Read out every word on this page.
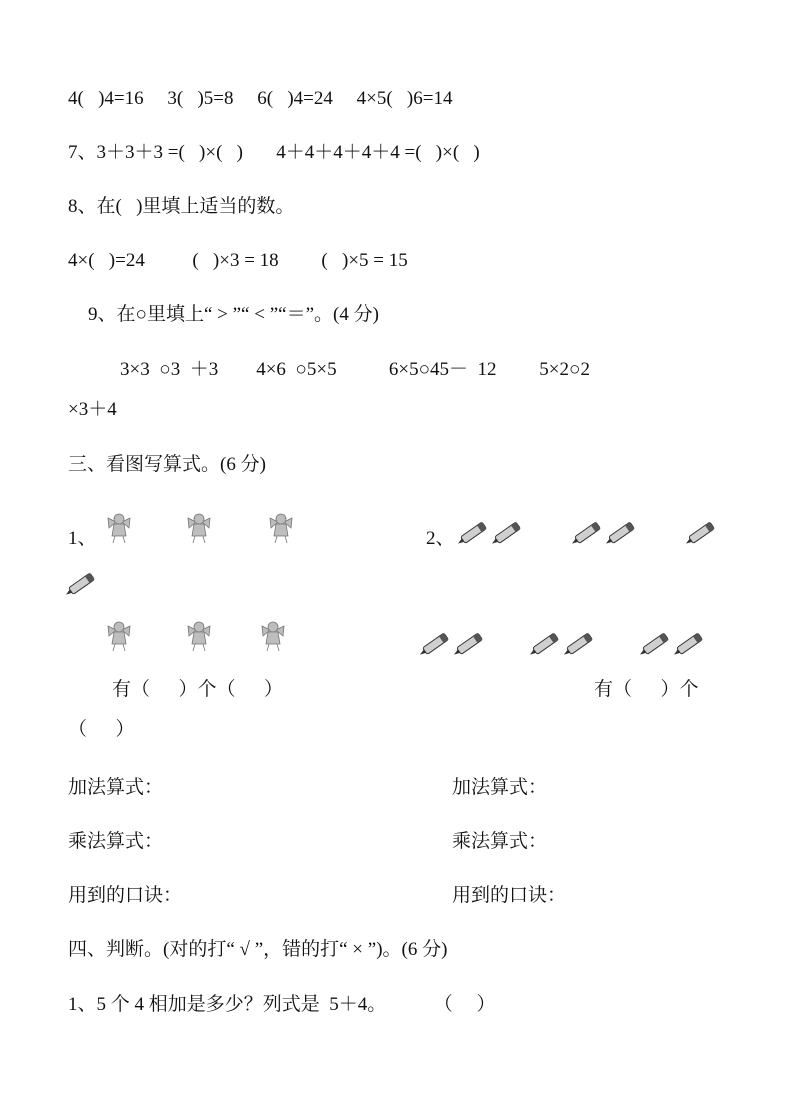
4(   )4=16     3(   )5=8     6(   )4=24     4×5(   )6=14
7、3＋3＋3 =(   )×(   )       4＋4＋4＋4＋4 =(   )×(   )
8、在(   )里填上适当的数。
4×(   )=24          (   )×3 = 18         (   )×5 = 15
9、在○里填上“ > ”“ < ”“＝”。(4 分)
3×3  ○3  ＋3        4×6  ○5×5           6×5○45－  12         5×2○2
×3＋4
三、看图写算式。(6 分)
1、	2、
有（      ）个（      ）	有（      ）个
（      ）
加法算式：	加法算式：
乘法算式：	乘法算式：
用到的口诀：	用到的口诀：
四、判断。(对的打“ √ ”，错的打“ × ”)。(6 分)
1、5 个 4 相加是多少？列式是  5＋4。          （     ）
